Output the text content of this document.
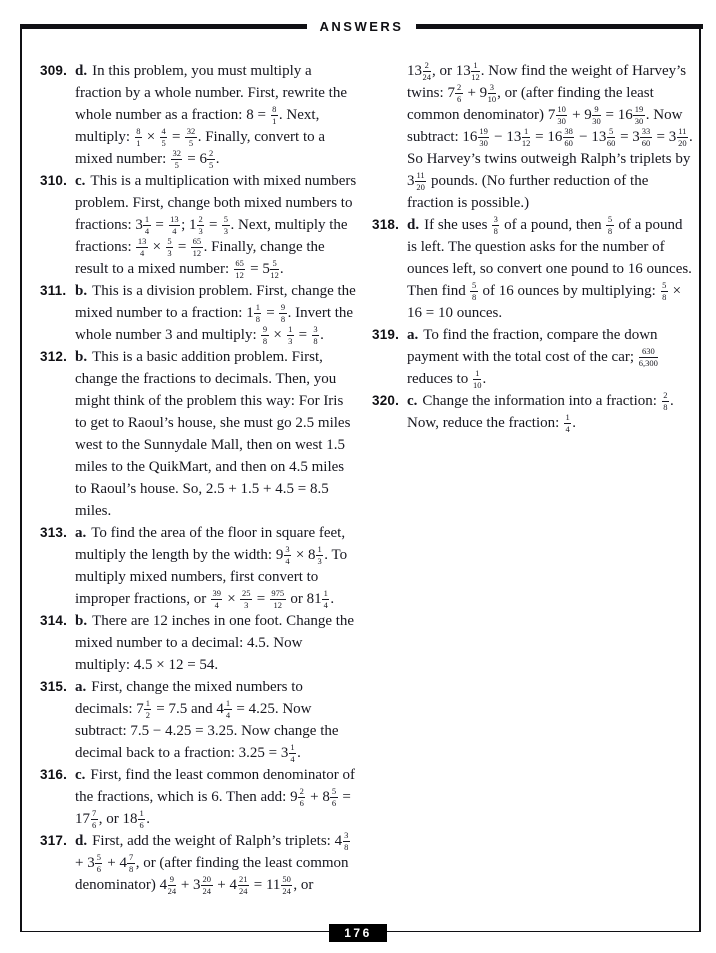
ANSWERS
309. d. In this problem, you must multiply a fraction by a whole number. First, rewrite the whole number as a fraction: $8 = \frac{8}{1}$ . Next, multiply: $\frac{8}{1} \times \frac{4}{5} = \frac{32}{5}$ . Finally, convert to a mixed number: $\frac{32}{5} = 6 \frac{2}{5}$ .
310. c. This is a multiplication with mixed numbers problem. First, change both mixed numbers to fractions: $3 \frac{1}{4} = \frac{13}{4}$ ; $1 \frac{2}{3} = \frac{5}{3}$ . Next, multiply the fractions: $\frac{13}{4} \times \frac{5}{3} = \frac{65}{12}$ . Finally, change the result to a mixed number: $\frac{65}{12} = 5 \frac{5}{12}$ .
311. b. This is a division problem. First, change the mixed number to a fraction: $1 \frac{1}{8} = \frac{9}{8}$ . Invert the whole number 3 and multiply: $\frac{9}{8} \times \frac{1}{3} = \frac{3}{8}$ .
312. b. This is a basic addition problem. First, change the fractions to decimals. Then, you might think of the problem this way: For Iris to get to Raoul’s house, she must go 2.5 miles west to the Sunnydale Mall, then on west 1.5 miles to the QuikMart, and then on 4.5 miles to Raoul’s house. So, 2.5 + 1.5 + 4.5 = 8.5 miles.
313. a. To find the area of the floor in square feet, multiply the length by the width: $9 \frac{3}{4} \times 8 \frac{1}{3}$ . To multiply mixed numbers, first convert to improper fractions, or $\frac{39}{4} \times \frac{25}{3} = \frac{975}{12}$ or $81 \frac{1}{4}$ .
314. b. There are 12 inches in one foot. Change the mixed number to a decimal: 4.5. Now multiply: 4.5 × 12 = 54.
315. a. First, change the mixed numbers to decimals: $7 \frac{1}{2} = 7.5$ and $4 \frac{1}{4} = 4.25$. Now subtract: 7.5 − 4.25 = 3.25. Now change the decimal back to a fraction: $3.25 = 3 \frac{1}{4}$ .
316. c. First, find the least common denominator of the fractions, which is 6. Then add: $9 \frac{2}{6} + 8 \frac{5}{6} = 17 \frac{7}{6}$ , or $18 \frac{1}{6}$ .
317. d. First, add the weight of Ralph’s triplets: $4 \frac{3}{8}$
+ $3 \frac{5}{6} + 4 \frac{7}{8}$ , or (after finding the least common denominator) $4 \frac{9}{24} + 3 \frac{20}{24} + 4 \frac{21}{24} = 11 \frac{50}{24}$ , or
$13 \frac{2}{24}$ , or $13 \frac{1}{12}$ . Now find the weight of Harvey’s twins: $7 \frac{2}{6} + 9 \frac{3}{10}$ , or (after finding the least common denominator) $7 \frac{10}{30} + 9 \frac{9}{30} = 16 \frac{19}{30}$ . Now subtract: $16 \frac{19}{30} - 13 \frac{1}{12} = 16 \frac{38}{60} - 13 \frac{5}{60} = 3 \frac{33}{60} = 3 \frac{11}{20}$ . So Harvey’s twins outweigh Ralph’s triplets by $3 \frac{11}{20}$ pounds. (No further reduction of the fraction is possible.)
318. d. If she uses $\frac{3}{8}$ of a pound, then $\frac{5}{8}$ of a pound is left. The question asks for the number of ounces left, so convert one pound to 16 ounces. Then find $\frac{5}{8}$ of 16 ounces by multiplying: $\frac{5}{8} \times 16 = 10$ ounces.
319. a. To find the fraction, compare the down payment with the total cost of the car; $\frac{630}{6,300}$
reduces to $\frac{1}{10}$ .
320. c. Change the information into a fraction: $\frac{2}{8}$ . Now, reduce the fraction: $\frac{1}{4}$ .
176
